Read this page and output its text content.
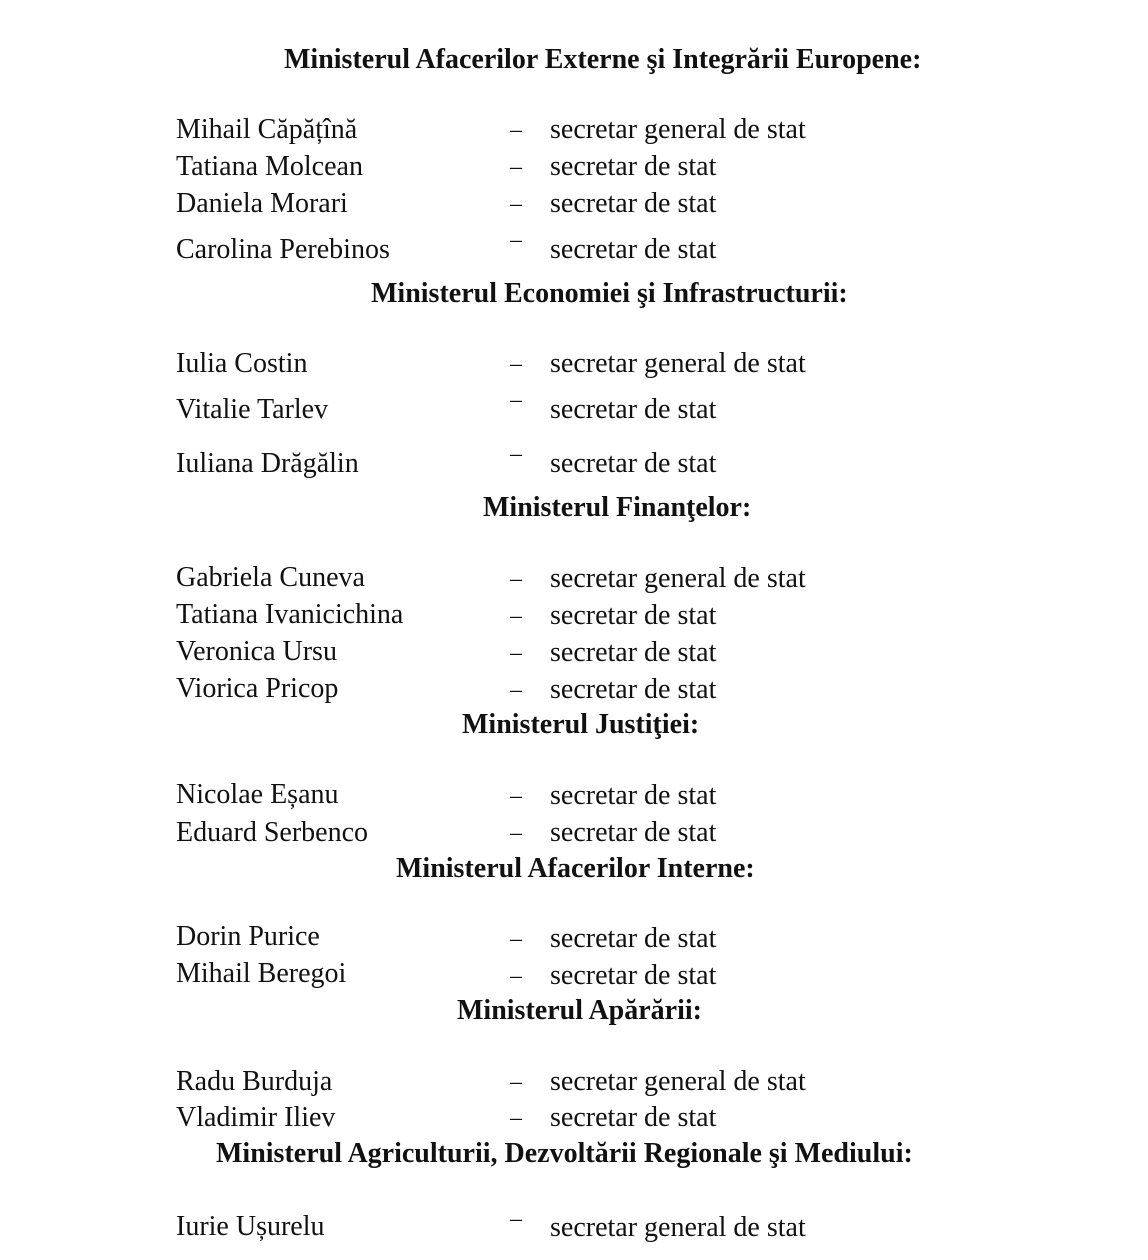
Ministerul Afacerilor Externe şi Integrării Europene:
Mihail Căpățînă	– secretar general de stat
Tatiana Molcean	– secretar de stat
Daniela Morari	– secretar de stat
Carolina Perebinos	– secretar de stat
Ministerul Economiei şi Infrastructurii:
Iulia Costin	– secretar general de stat
Vitalie Tarlev	– secretar de stat
Iuliana Drăgălin	– secretar de stat
Ministerul Finanţelor:
Gabriela Cuneva	– secretar general de stat
Tatiana Ivanicichina	– secretar de stat
Veronica Ursu	– secretar de stat
Viorica Pricop	– secretar de stat
Ministerul Justiţiei:
Nicolae Eșanu	– secretar de stat
Eduard Serbenco	– secretar de stat
Ministerul Afacerilor Interne:
Dorin Purice	– secretar de stat
Mihail Beregoi	– secretar de stat
Ministerul Apărării:
Radu Burduja	– secretar general de stat
Vladimir Iliev	– secretar de stat
Ministerul Agriculturii, Dezvoltării Regionale şi Mediului:
Iurie Ușurelu	– secretar general de stat
